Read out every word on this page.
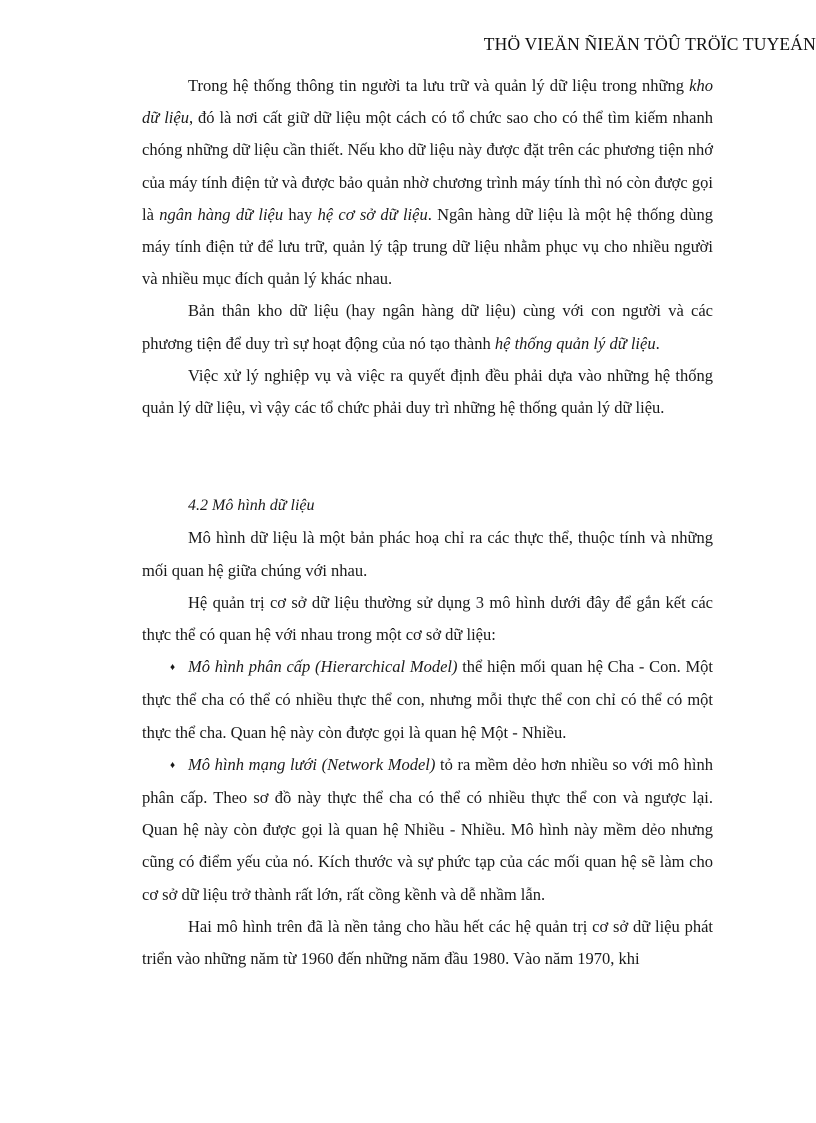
THÖ VIEÄN ÑIEÄN TÖÛ TRÖÏC TUYEÁN

Trong hệ thống thông tin người ta lưu trữ và quản lý dữ liệu trong những kho dữ liệu, đó là nơi cất giữ dữ liệu một cách có tổ chức sao cho có thể tìm kiếm nhanh chóng những dữ liệu cần thiết. Nếu kho dữ liệu này được đặt trên các phương tiện nhớ của máy tính điện tử và được bảo quản nhờ chương trình máy tính thì nó còn được gọi là ngân hàng dữ liệu hay hệ cơ sở dữ liệu. Ngân hàng dữ liệu là một hệ thống dùng máy tính điện tử để lưu trữ, quản lý tập trung dữ liệu nhằm phục vụ cho nhiều người và nhiều mục đích quản lý khác nhau.

Bản thân kho dữ liệu (hay ngân hàng dữ liệu) cùng với con người và các phương tiện để duy trì sự hoạt động của nó tạo thành hệ thống quản lý dữ liệu.

Việc xử lý nghiệp vụ và việc ra quyết định đều phải dựa vào những hệ thống quản lý dữ liệu, vì vậy các tổ chức phải duy trì những hệ thống quản lý dữ liệu.

4.2 Mô hình dữ liệu

Mô hình dữ liệu là một bản phác hoạ chỉ ra các thực thể, thuộc tính và những mối quan hệ giữa chúng với nhau.

Hệ quản trị cơ sở dữ liệu thường sử dụng 3 mô hình dưới đây để gắn kết các thực thể có quan hệ với nhau trong một cơ sở dữ liệu:

♦ Mô hình phân cấp (Hierarchical Model) thể hiện mối quan hệ Cha - Con. Một thực thể cha có thể có nhiều thực thể con, nhưng mỗi thực thể con chỉ có thể có một thực thể cha. Quan hệ này còn được gọi là quan hệ Một - Nhiều.

♦ Mô hình mạng lưới (Network Model) tỏ ra mềm dẻo hơn nhiều so với mô hình phân cấp. Theo sơ đồ này thực thể cha có thể có nhiều thực thể con và ngược lại. Quan hệ này còn được gọi là quan hệ Nhiều - Nhiều. Mô hình này mềm dẻo nhưng cũng có điểm yếu của nó. Kích thước và sự phức tạp của các mối quan hệ sẽ làm cho cơ sở dữ liệu trở thành rất lớn, rất cồng kềnh và dễ nhầm lẫn.

Hai mô hình trên đã là nền tảng cho hầu hết các hệ quản trị cơ sở dữ liệu phát triển vào những năm từ 1960 đến những năm đầu 1980. Vào năm 1970, khi
